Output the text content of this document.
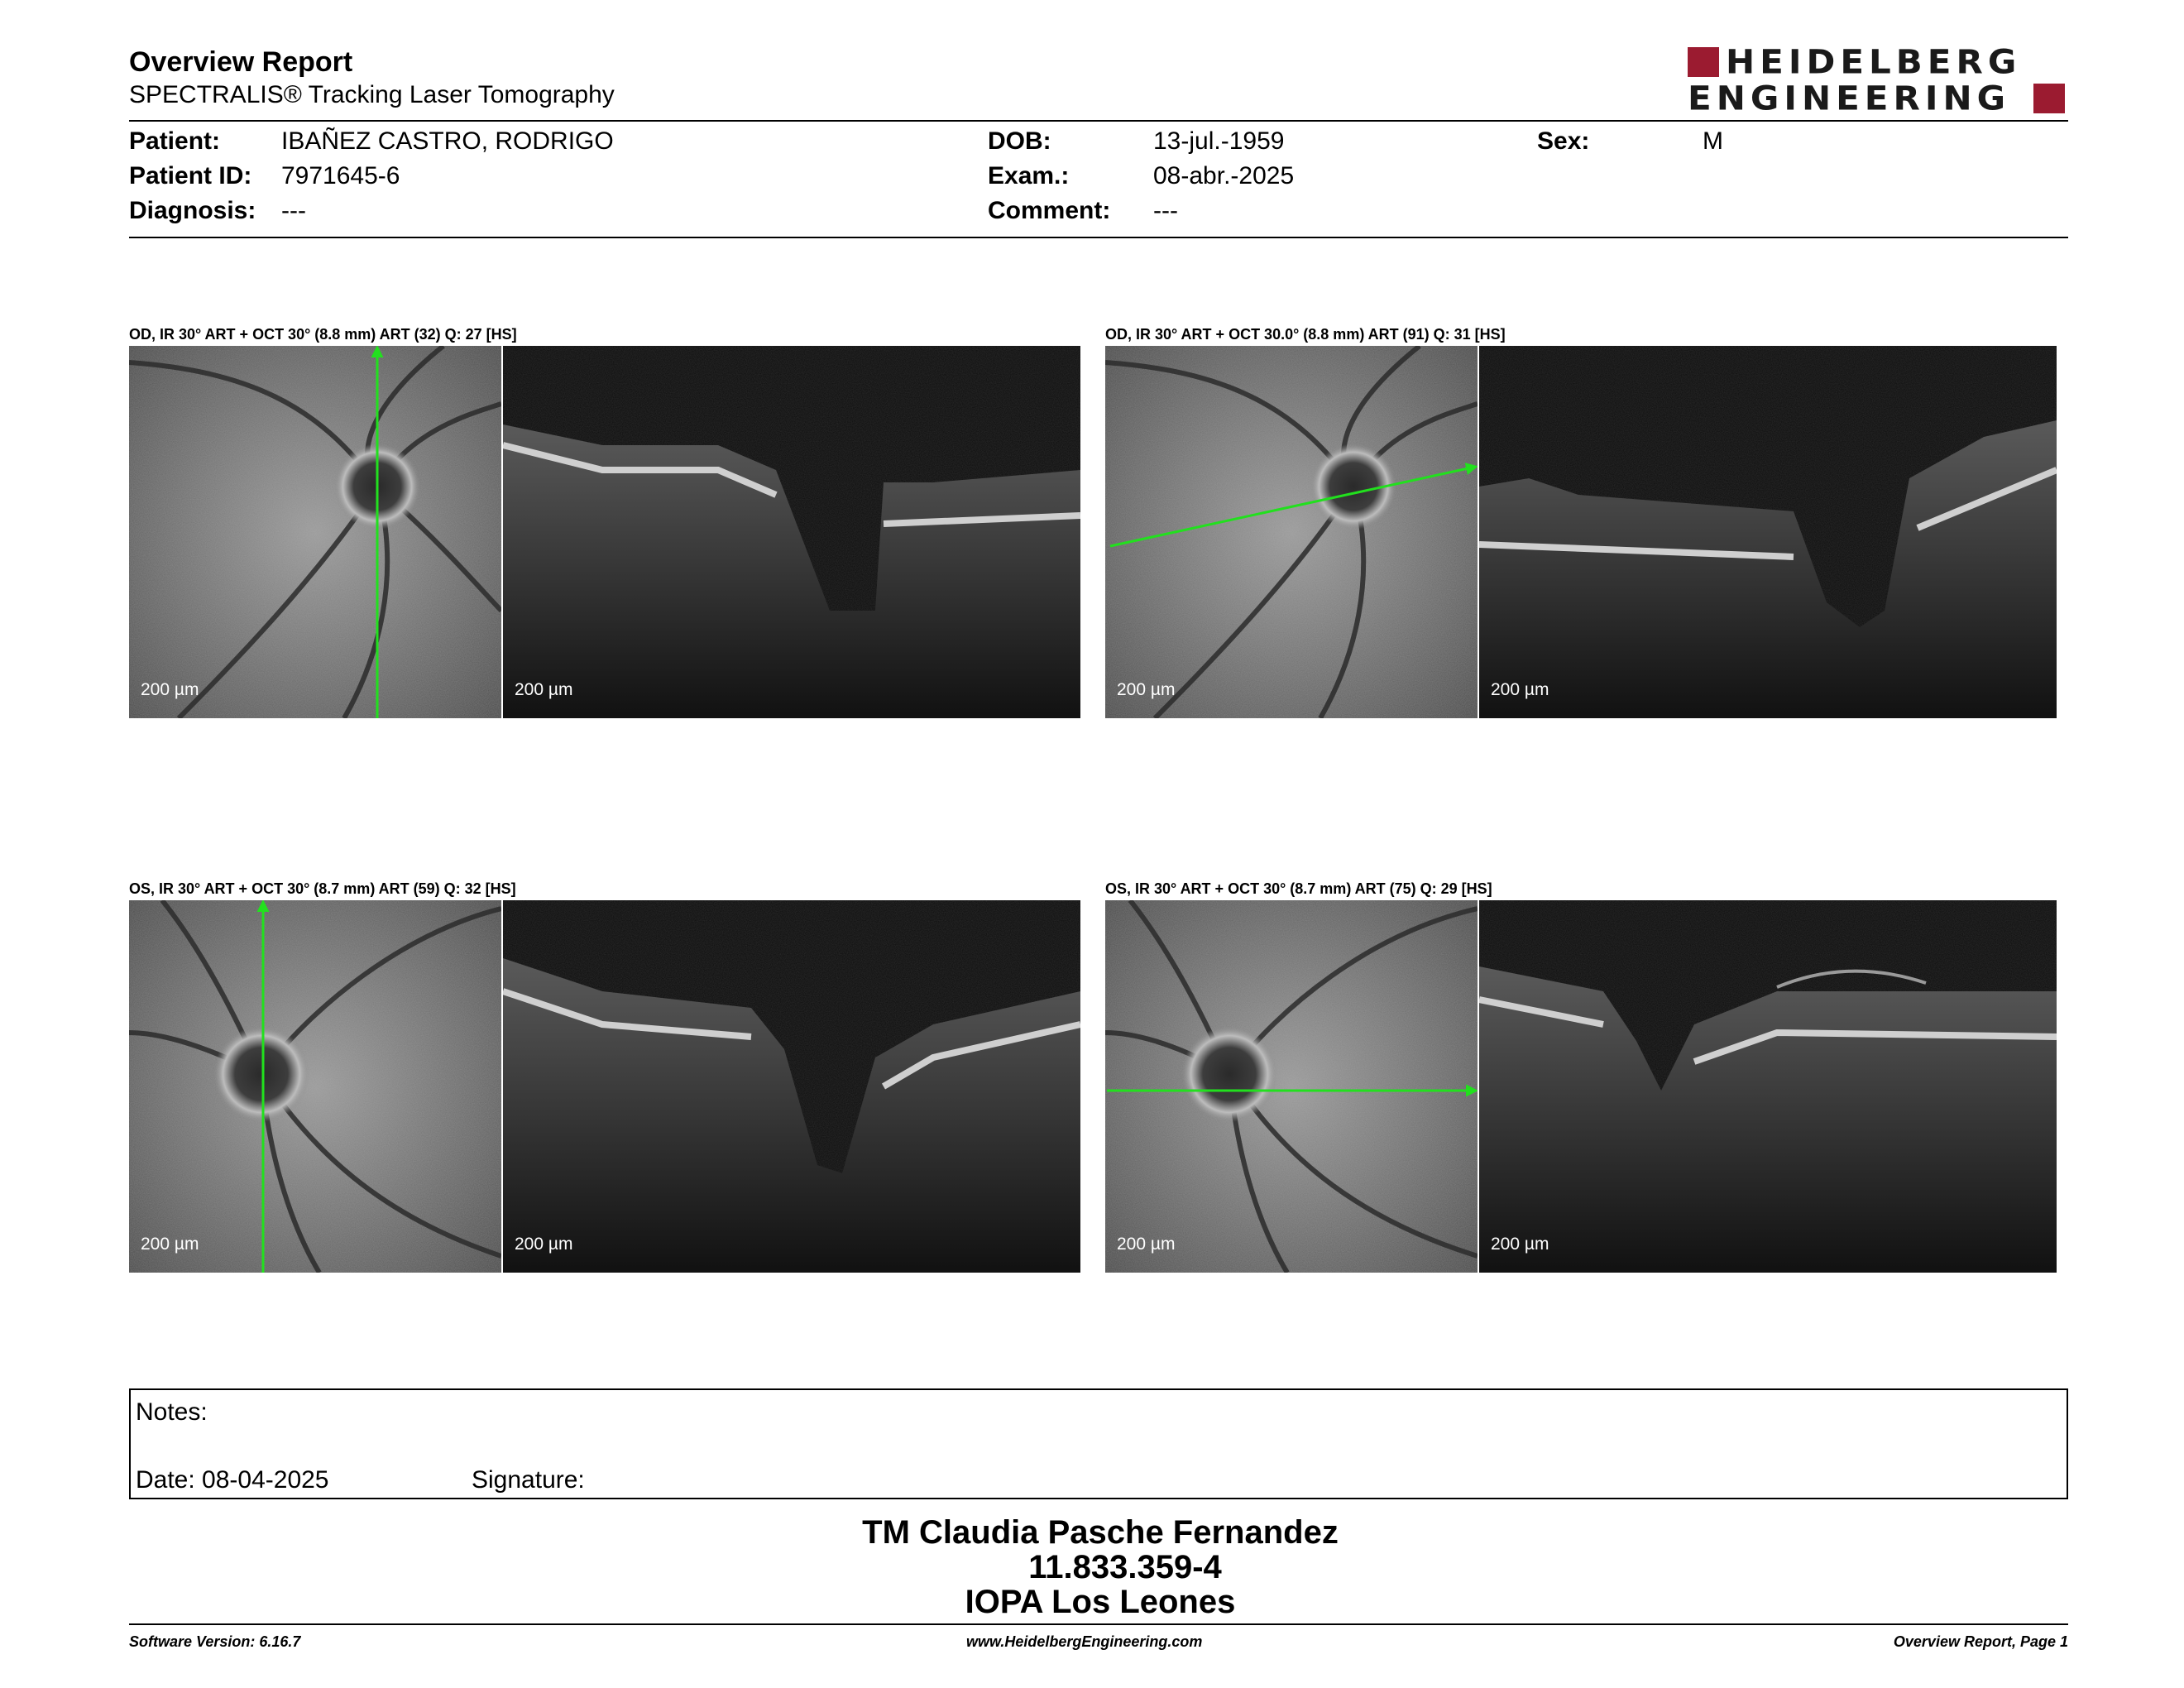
Overview Report
SPECTRALIS® Tracking Laser Tomography
HEIDELBERG
ENGINEERING
Patient: IBAÑEZ CASTRO, RODRIGO
Patient ID: 7971645-6
Diagnosis: ---
DOB:	13-jul.-1959
Exam.:	08-abr.-2025
Comment: ---
Sex:	M
OD, IR 30° ART + OCT 30° (8.8 mm) ART (32) Q: 27 [HS]
200 µm	200 µm
OD, IR 30° ART + OCT 30.0° (8.8 mm) ART (91) Q: 31 [HS]
200 µm	200 µm
OS, IR 30° ART + OCT 30° (8.7 mm) ART (59) Q: 32 [HS]
200 µm	200 µm
OS, IR 30° ART + OCT 30° (8.7 mm) ART (75) Q: 29 [HS]
200 µm	200 µm
Notes:
Date: 08-04-2025	Signature:
TM Claudia Pasche Fernandez
11.833.359-4
IOPA Los Leones
Software Version: 6.16.7	www.HeidelbergEngineering.com	Overview Report, Page 1
